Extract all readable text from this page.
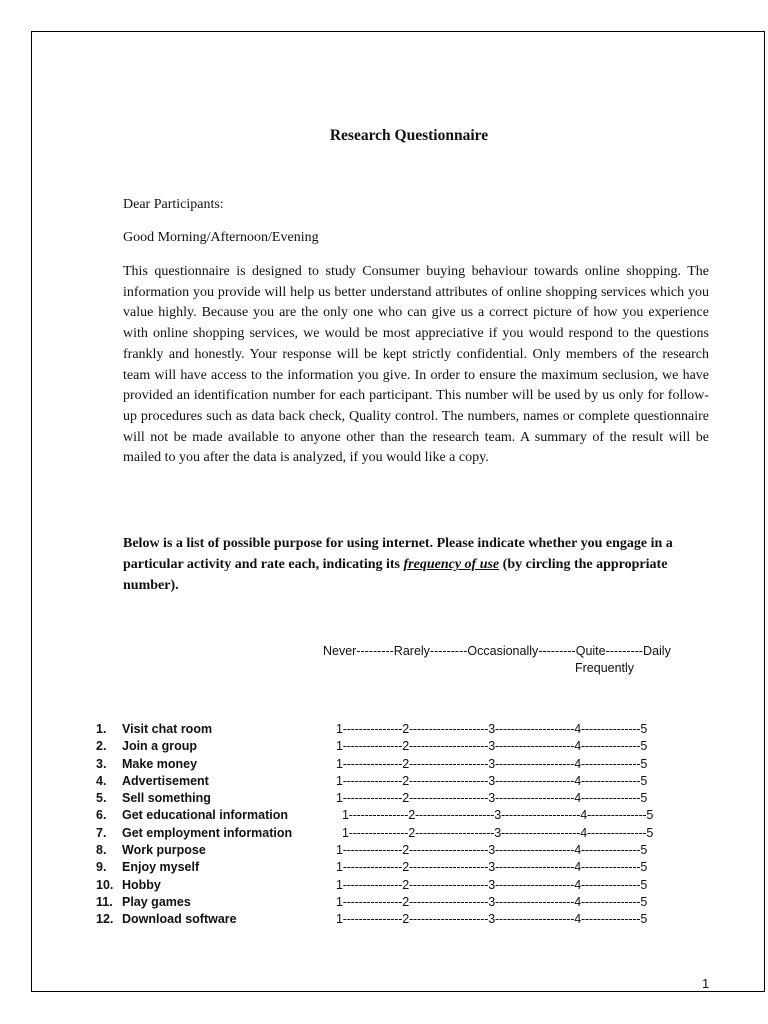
Research Questionnaire
Dear Participants:
Good Morning/Afternoon/Evening

This questionnaire is designed to study Consumer buying behaviour towards online shopping. The information you provide will help us better understand attributes of online shopping services which you value highly. Because you are the only one who can give us a correct picture of how you experience with online shopping services, we would be most appreciative if you would respond to the questions frankly and honestly. Your response will be kept strictly confidential. Only members of the research team will have access to the information you give. In order to ensure the maximum seclusion, we have provided an identification number for each participant. This number will be used by us only for follow-up procedures such as data back check, Quality control. The numbers, names or complete questionnaire will not be made available to anyone other than the research team. A summary of the result will be mailed to you after the data is analyzed, if you would like a copy.

Below is a list of possible purpose for using internet. Please indicate whether you engage in a particular activity and rate each, indicating its frequency of use (by circling the appropriate number).

Never---------Rarely---------Occasionally---------Quite---------Daily
Frequently
1.	Visit chat room	1---------------2--------------------3--------------------4---------------5
2.	Join a group	1---------------2--------------------3--------------------4---------------5
3.	Make money	1---------------2--------------------3--------------------4---------------5
4.	Advertisement	1---------------2--------------------3--------------------4---------------5
5.	Sell something	1---------------2--------------------3--------------------4---------------5
6.	Get educational information	1---------------2--------------------3--------------------4---------------5
7.	Get employment information	1---------------2--------------------3--------------------4---------------5
8.	Work purpose	1---------------2--------------------3--------------------4---------------5
9.	Enjoy myself	1---------------2--------------------3--------------------4---------------5
10. Hobby	1---------------2--------------------3--------------------4---------------5
11. Play games	1---------------2--------------------3--------------------4---------------5
12. Download software	1---------------2--------------------3--------------------4---------------5
1
